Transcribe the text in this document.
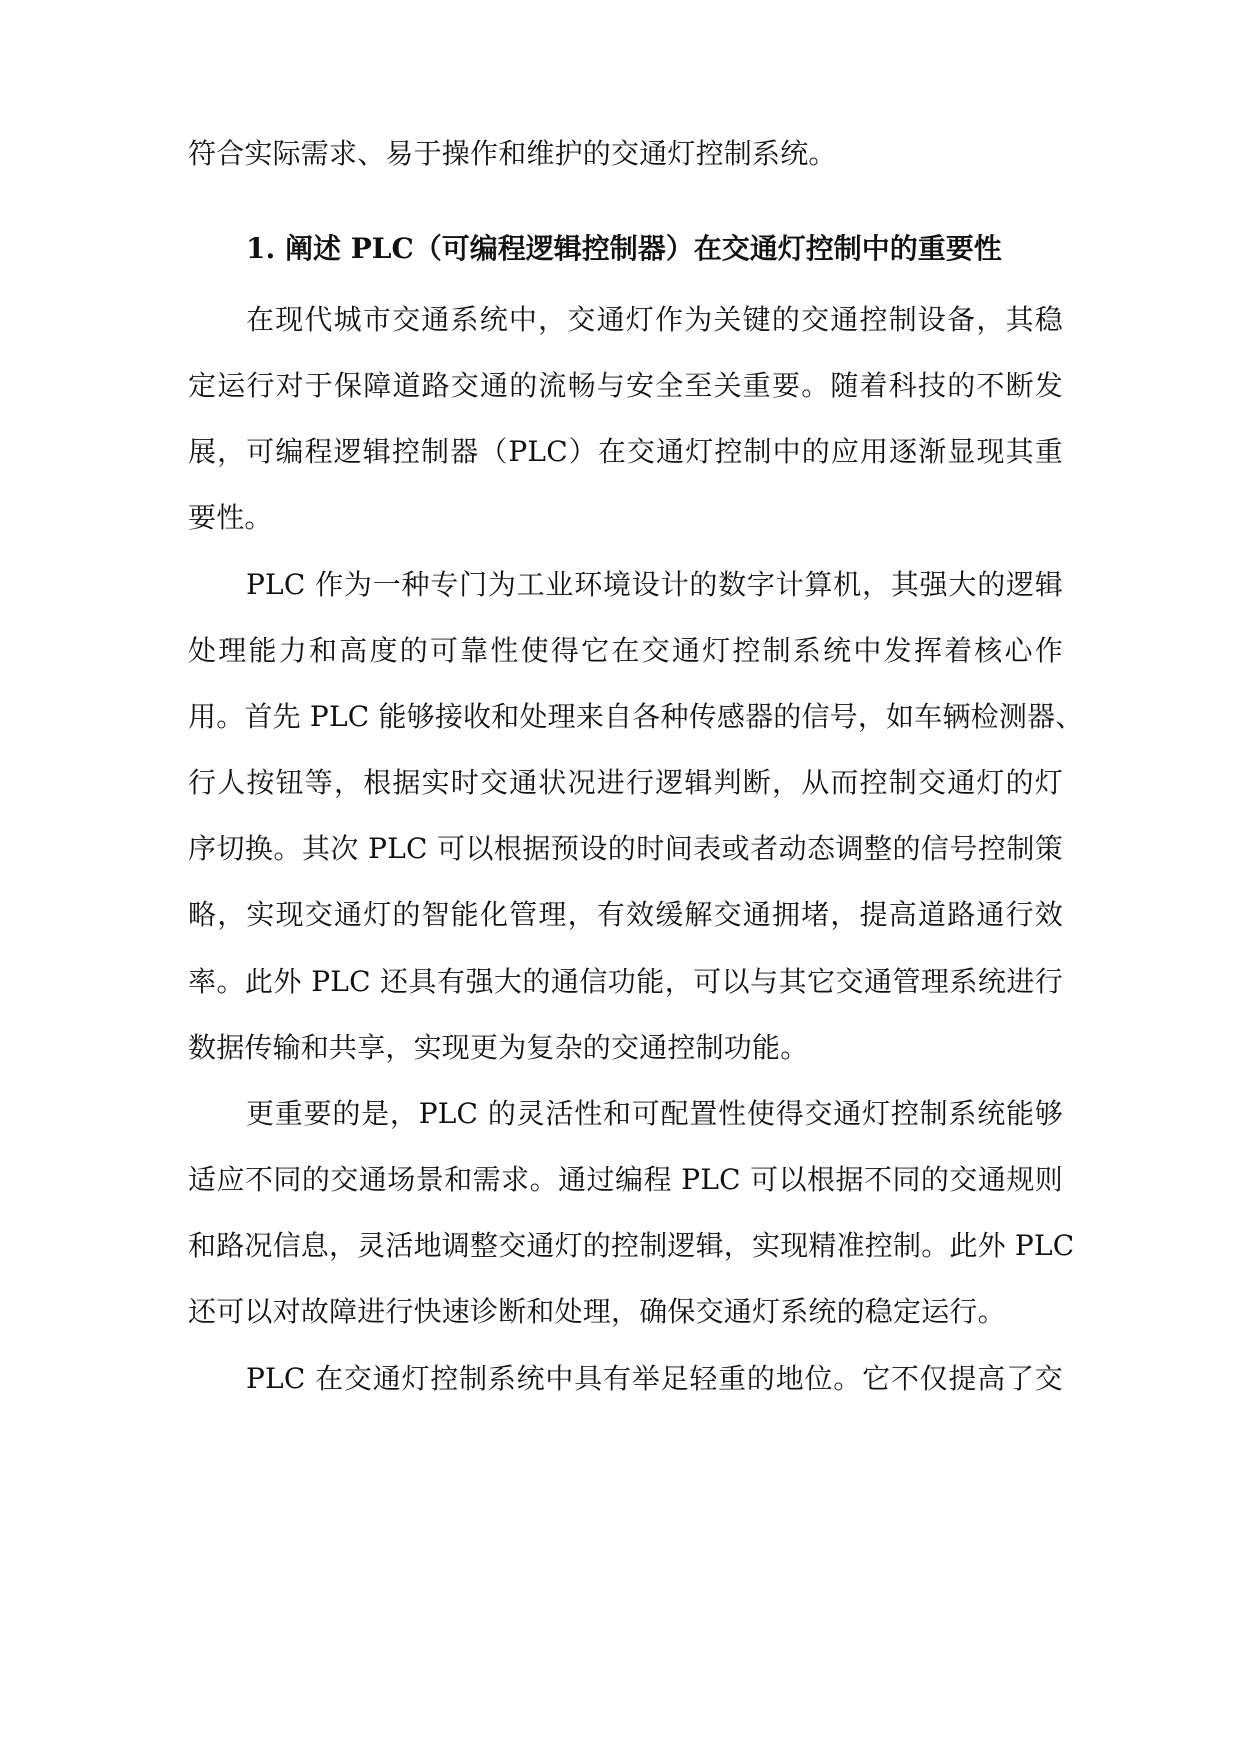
符合实际需求、易于操作和维护的交通灯控制系统。
1. 阐述 PLC（可编程逻辑控制器）在交通灯控制中的重要性
在现代城市交通系统中，交通灯作为关键的交通控制设备，其稳
定运行对于保障道路交通的流畅与安全至关重要。随着科技的不断发
展，可编程逻辑控制器（PLC）在交通灯控制中的应用逐渐显现其重
要性。
PLC 作为一种专门为工业环境设计的数字计算机，其强大的逻辑
处理能力和高度的可靠性使得它在交通灯控制系统中发挥着核心作
用。首先 PLC 能够接收和处理来自各种传感器的信号，如车辆检测器、
行人按钮等，根据实时交通状况进行逻辑判断，从而控制交通灯的灯
序切换。其次 PLC 可以根据预设的时间表或者动态调整的信号控制策
略，实现交通灯的智能化管理，有效缓解交通拥堵，提高道路通行效
率。此外 PLC 还具有强大的通信功能，可以与其它交通管理系统进行
数据传输和共享，实现更为复杂的交通控制功能。
更重要的是，PLC 的灵活性和可配置性使得交通灯控制系统能够
适应不同的交通场景和需求。通过编程 PLC 可以根据不同的交通规则
和路况信息，灵活地调整交通灯的控制逻辑，实现精准控制。此外 PLC
还可以对故障进行快速诊断和处理，确保交通灯系统的稳定运行。
PLC 在交通灯控制系统中具有举足轻重的地位。它不仅提高了交
